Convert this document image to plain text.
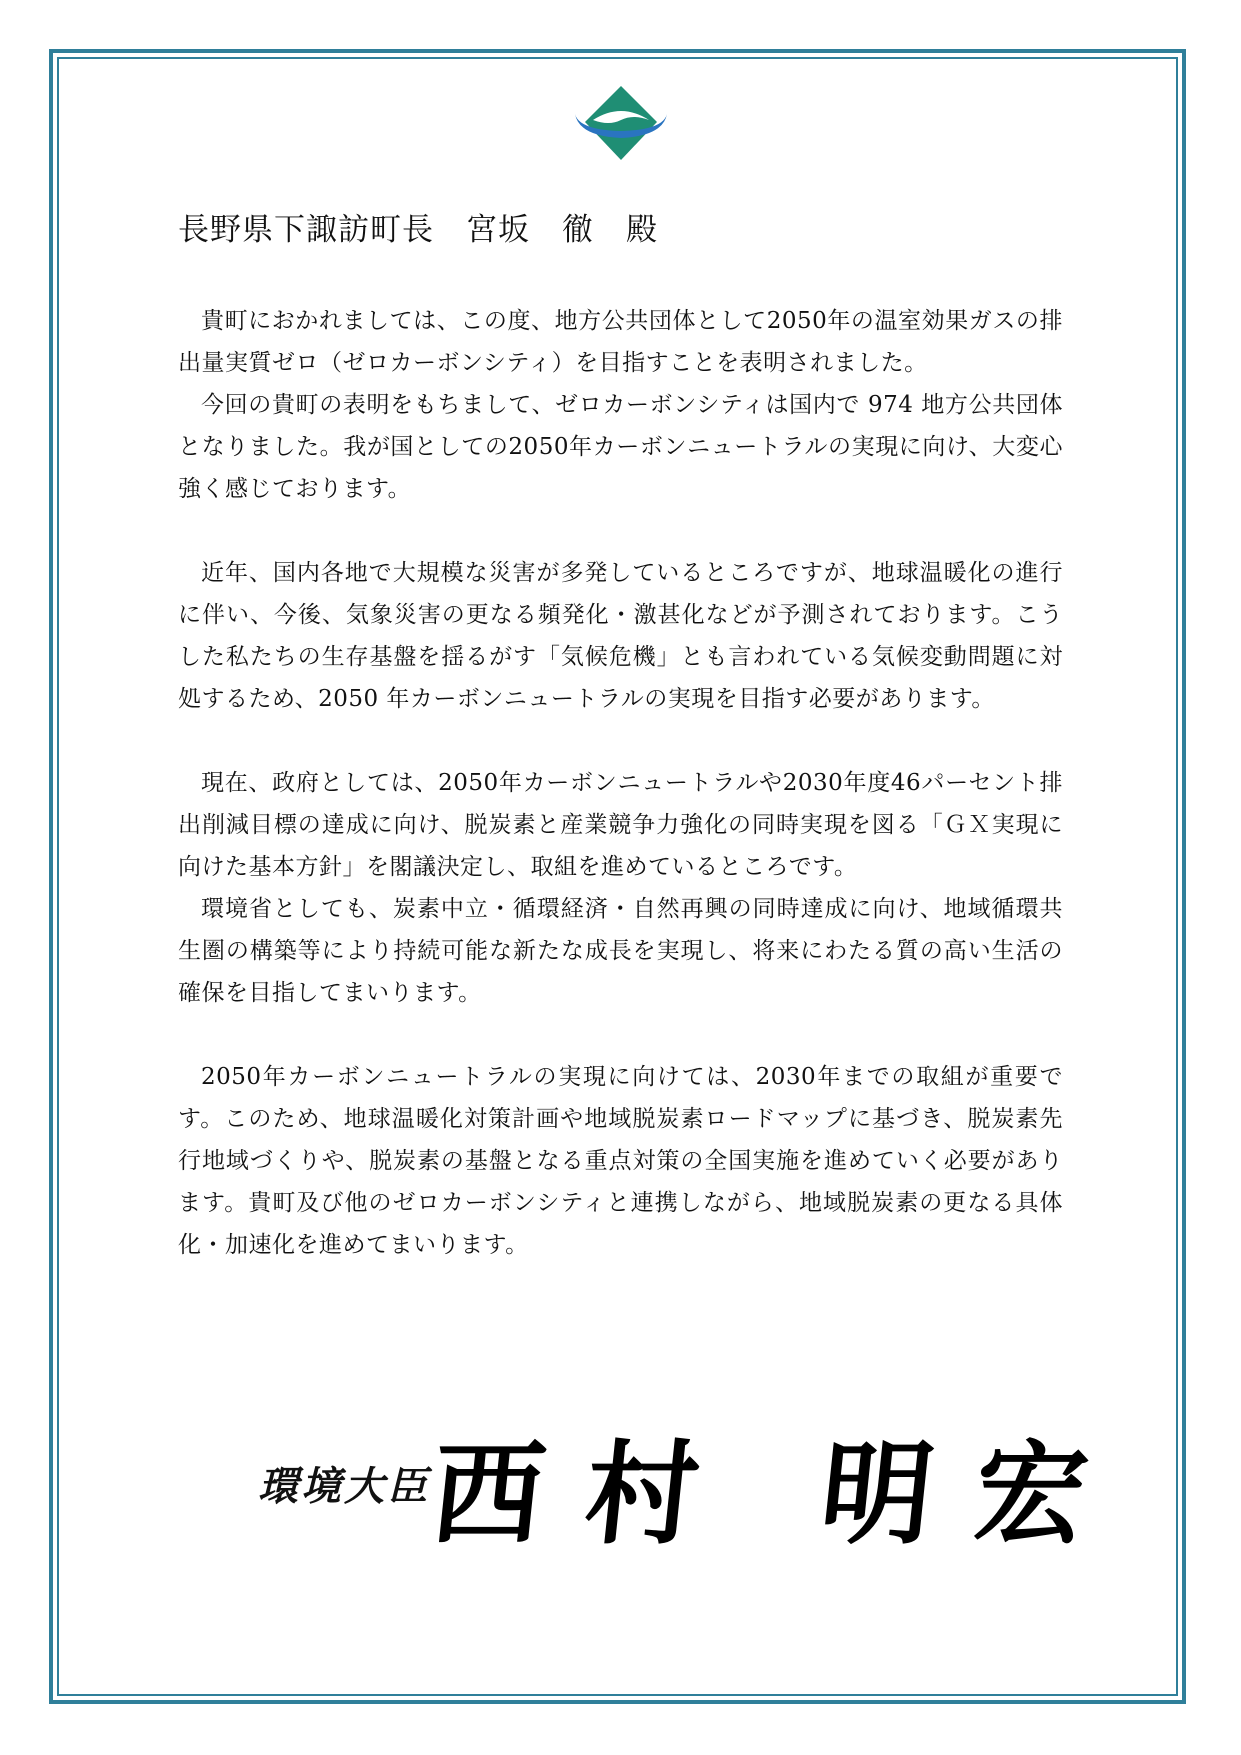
長野県下諏訪町長　宮坂　徹　殿

貴町におかれましては、この度、地方公共団体として2050年の温室効果ガスの排出量実質ゼロ（ゼロカーボンシティ）を目指すことを表明されました。

今回の貴町の表明をもちまして、ゼロカーボンシティは国内で 974 地方公共団体となりました。我が国としての2050年カーボンニュートラルの実現に向け、大変心強く感じております。

近年、国内各地で大規模な災害が多発しているところですが、地球温暖化の進行に伴い、今後、気象災害の更なる頻発化・激甚化などが予測されております。こうした私たちの生存基盤を揺るがす「気候危機」とも言われている気候変動問題に対処するため、2050 年カーボンニュートラルの実現を目指す必要があります。

現在、政府としては、2050年カーボンニュートラルや2030年度46パーセント排出削減目標の達成に向け、脱炭素と産業競争力強化の同時実現を図る「ＧＸ実現に向けた基本方針」を閣議決定し、取組を進めているところです。

環境省としても、炭素中立・循環経済・自然再興の同時達成に向け、地域循環共生圏の構築等により持続可能な新たな成長を実現し、将来にわたる質の高い生活の確保を目指してまいります。

2050年カーボンニュートラルの実現に向けては、2030年までの取組が重要です。このため、地球温暖化対策計画や地域脱炭素ロードマップに基づき、脱炭素先行地域づくりや、脱炭素の基盤となる重点対策の全国実施を進めていく必要があります。貴町及び他のゼロカーボンシティと連携しながら、地域脱炭素の更なる具体化・加速化を進めてまいります。

環境大臣
西村 明宏
